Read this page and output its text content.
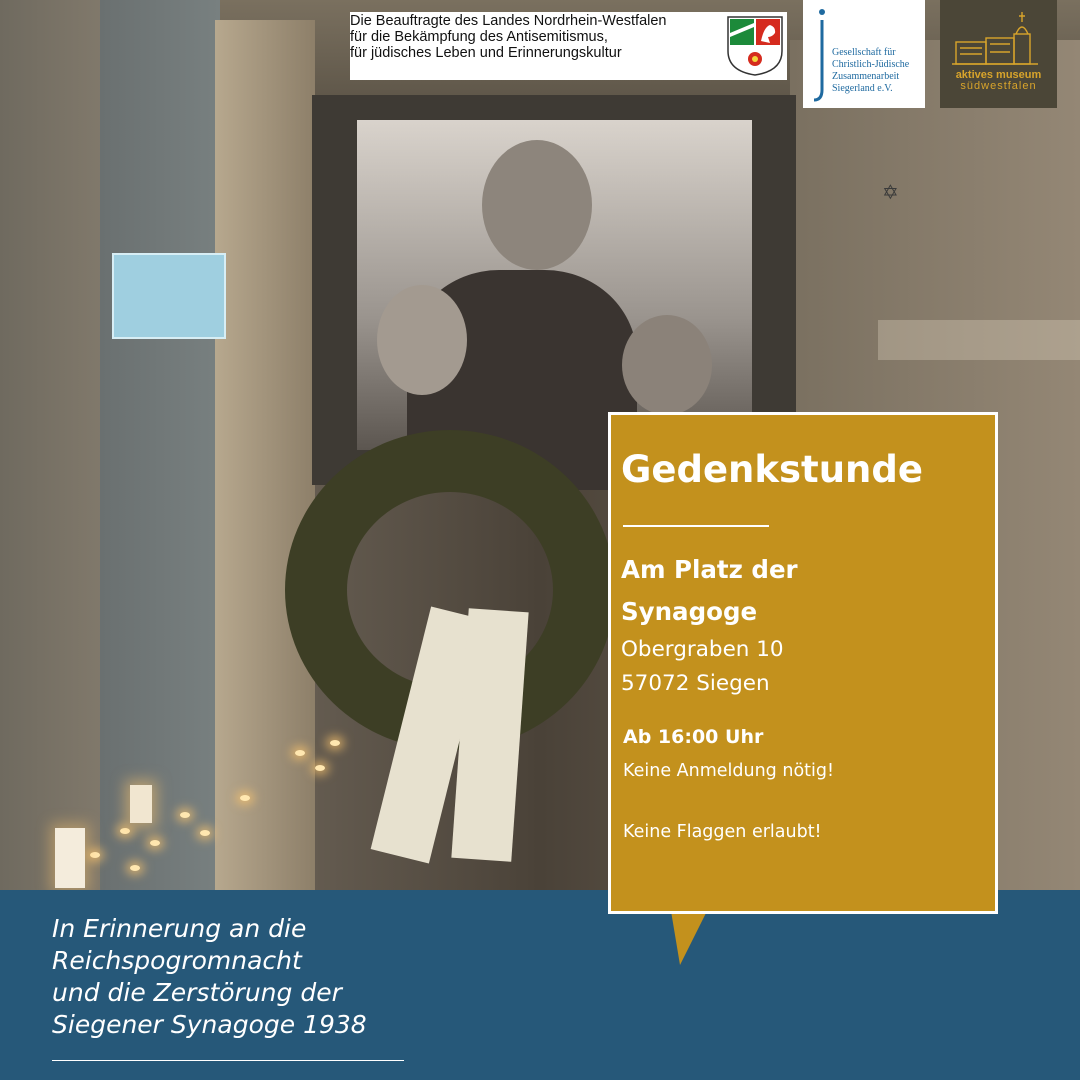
✡
Die Beauftragte des Landes Nordrhein-Westfalen
für die Bekämpfung des Antisemitismus,
für jüdisches Leben und Erinnerungskultur	Gesellschaft für
Christlich-Jüdische
Zusammenarbeit
Siegerland e.V.
aktives museum
südwestfalen
In Erinnerung an die
Reichspogromnacht
und die Zerstörung der
Siegener Synagoge 1938
Gedenkstunde
Am Platz der
Synagoge
Obergraben 10
57072 Siegen
Ab 16:00 Uhr
Keine Anmeldung nötig!
Keine Flaggen erlaubt!
